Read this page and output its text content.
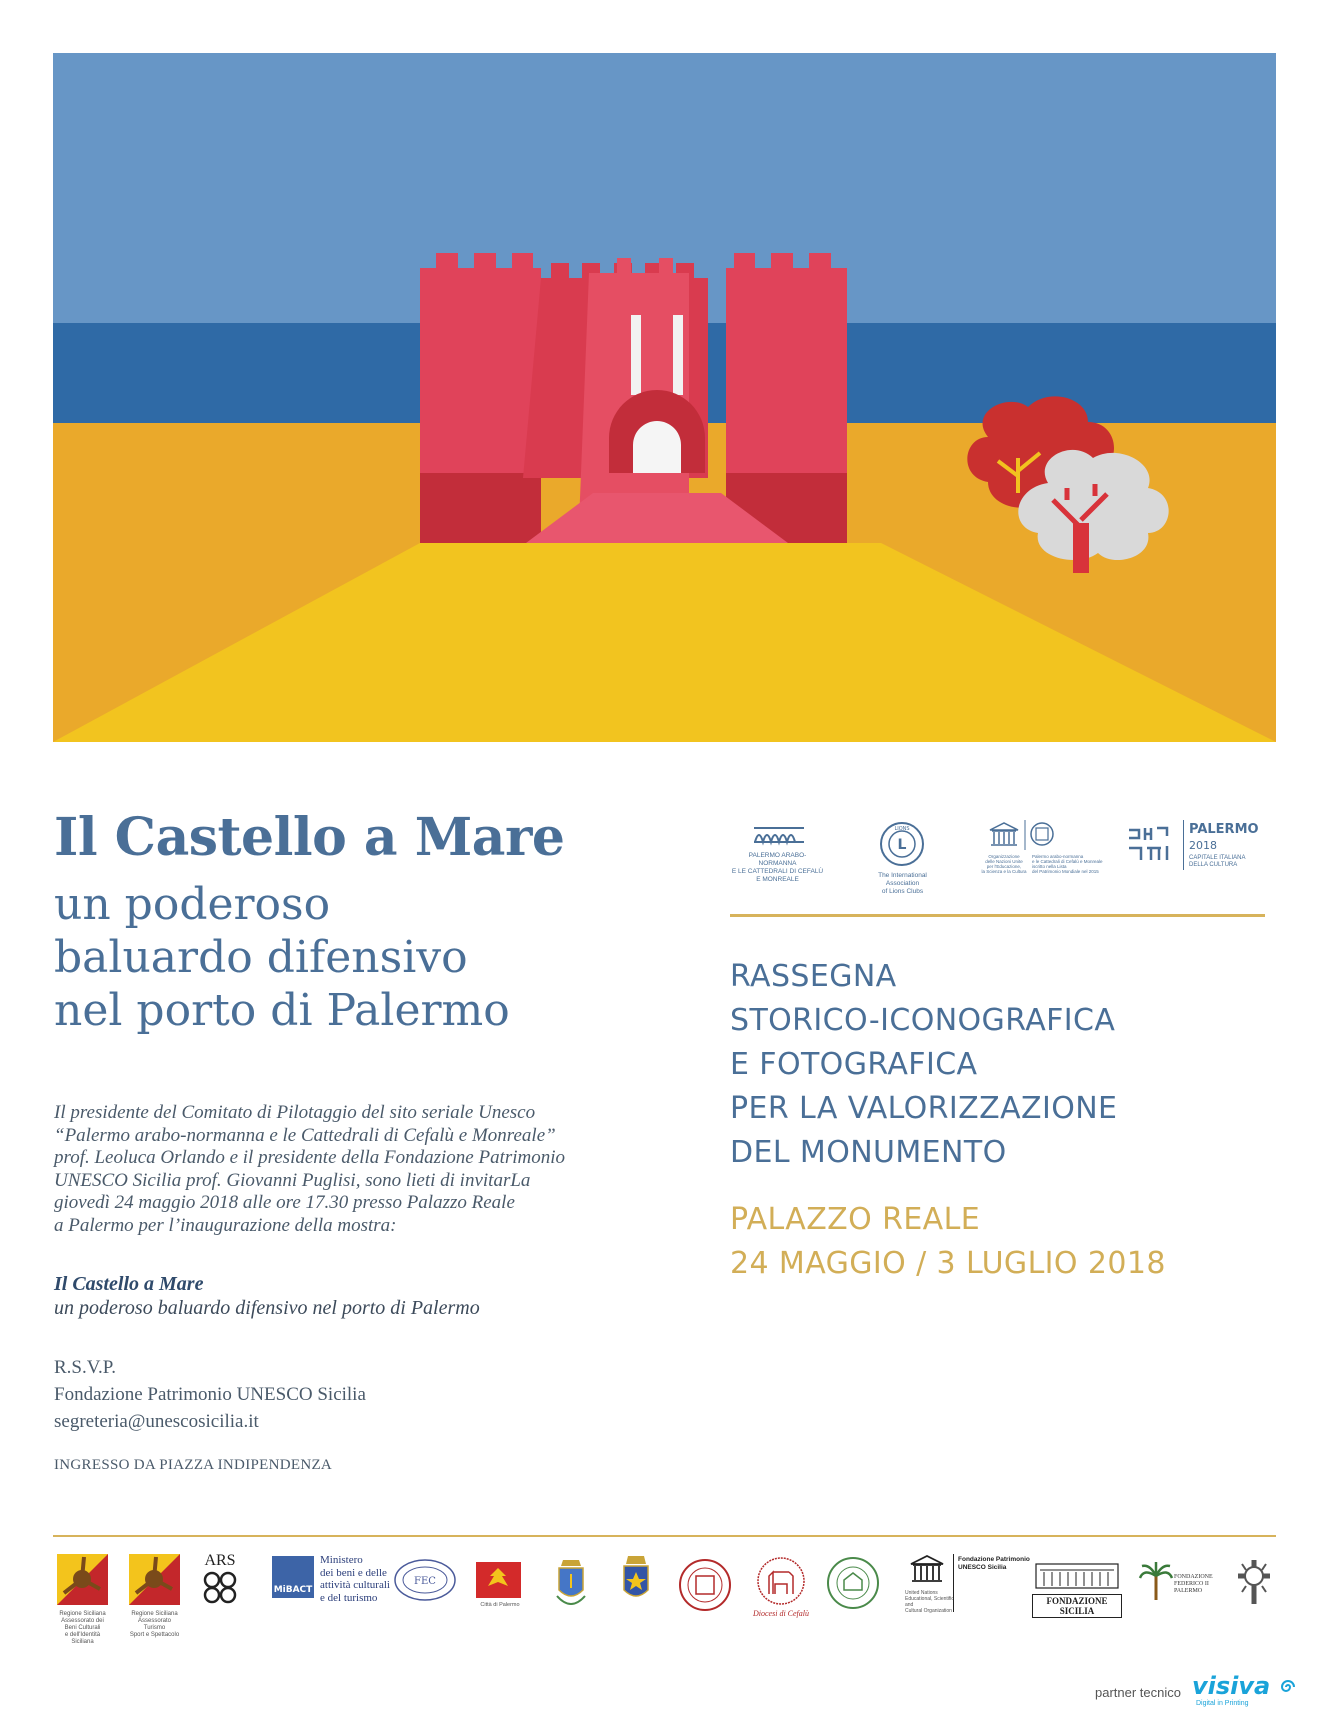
Il Castello a Mare
un poderoso
baluardo difensivo
nel porto di Palermo
Il presidente del Comitato di Pilotaggio del sito seriale Unesco
“Palermo arabo-normanna e le Cattedrali di Cefalù e Monreale”
prof. Leoluca Orlando e il presidente della Fondazione Patrimonio
UNESCO Sicilia prof. Giovanni Puglisi, sono lieti di invitarLa
giovedì 24 maggio 2018 alle ore 17.30 presso Palazzo Reale
a Palermo per l’inaugurazione della mostra:
Il Castello a Mare
un poderoso baluardo difensivo nel porto di Palermo
R.S.V.P.
Fondazione Patrimonio UNESCO Sicilia
segreteria@unescosicilia.it
INGRESSO DA PIAZZA INDIPENDENZA
PALERMO ARABO-NORMANNA
E LE CATTEDRALI DI CEFALÙ
E MONREALE
L
LIONS
The International Association
of Lions Clubs
Organizzazione
delle Nazioni Unite
per l'Educazione,
la Scienza e la Cultura
Palermo arabo-normanna
e le Cattedrali di Cefalù e Monreale
iscritto nella Lista
del Patrimonio Mondiale nel 2015
PALERMO
2018
CAPITALE ITALIANA
DELLA CULTURA
RASSEGNA
STORICO-ICONOGRAFICA
E FOTOGRAFICA
PER LA VALORIZZAZIONE
DEL MONUMENTO
PALAZZO REALE
24 MAGGIO / 3 LUGLIO 2018
Regione Siciliana
Assessorato dei Beni Culturali
e dell'Identità Siciliana
Regione Siciliana
Assessorato Turismo
Sport e Spettacolo
ARS
MiBACT
Ministero
dei beni e delle
attività culturali
e del turismo
FEC
Città di Palermo
Diocesi di Cefalù
United Nations
Educational, Scientific and
Cultural Organization
Fondazione Patrimonio
UNESCO Sicilia
FONDAZIONE SICILIA
FONDAZIONE
FEDERICO II
PALERMO
partner tecnico visiva
Digital in Printing
